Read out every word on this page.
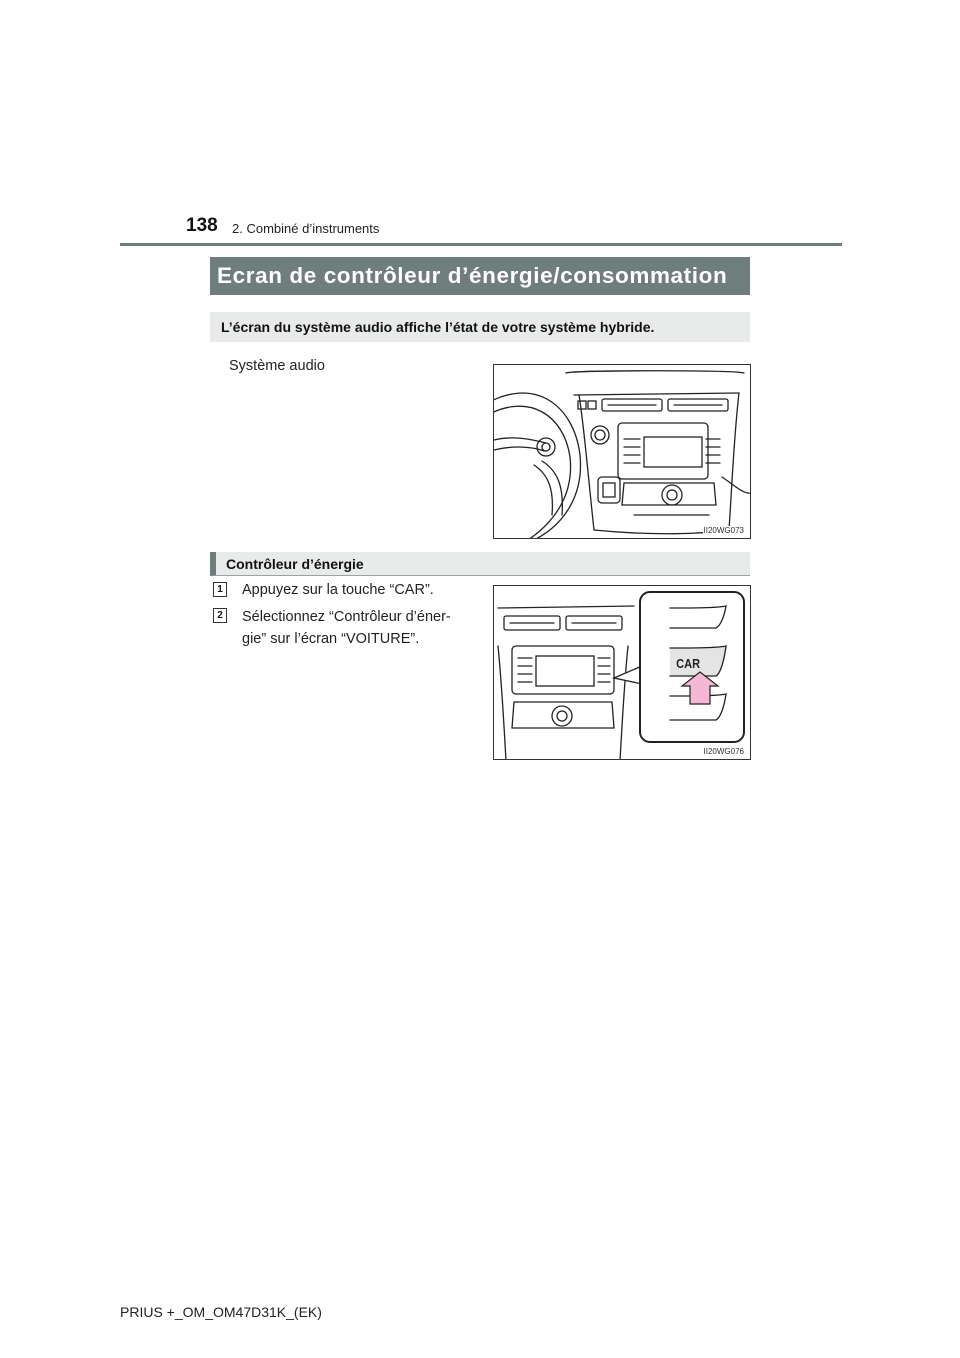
138 2. Combiné d’instruments
Ecran de contrôleur d’énergie/consommation
L’écran du système audio affiche l’état de votre système hybride.
Système audio
II20WG073
Contrôleur d’énergie
1 Appuyez sur la touche “CAR”.
2 Sélectionnez “Contrôleur d’éner-
gie” sur l’écran “VOITURE”.
CAR
II20WG076
PRIUS +_OM_OM47D31K_(EK)
